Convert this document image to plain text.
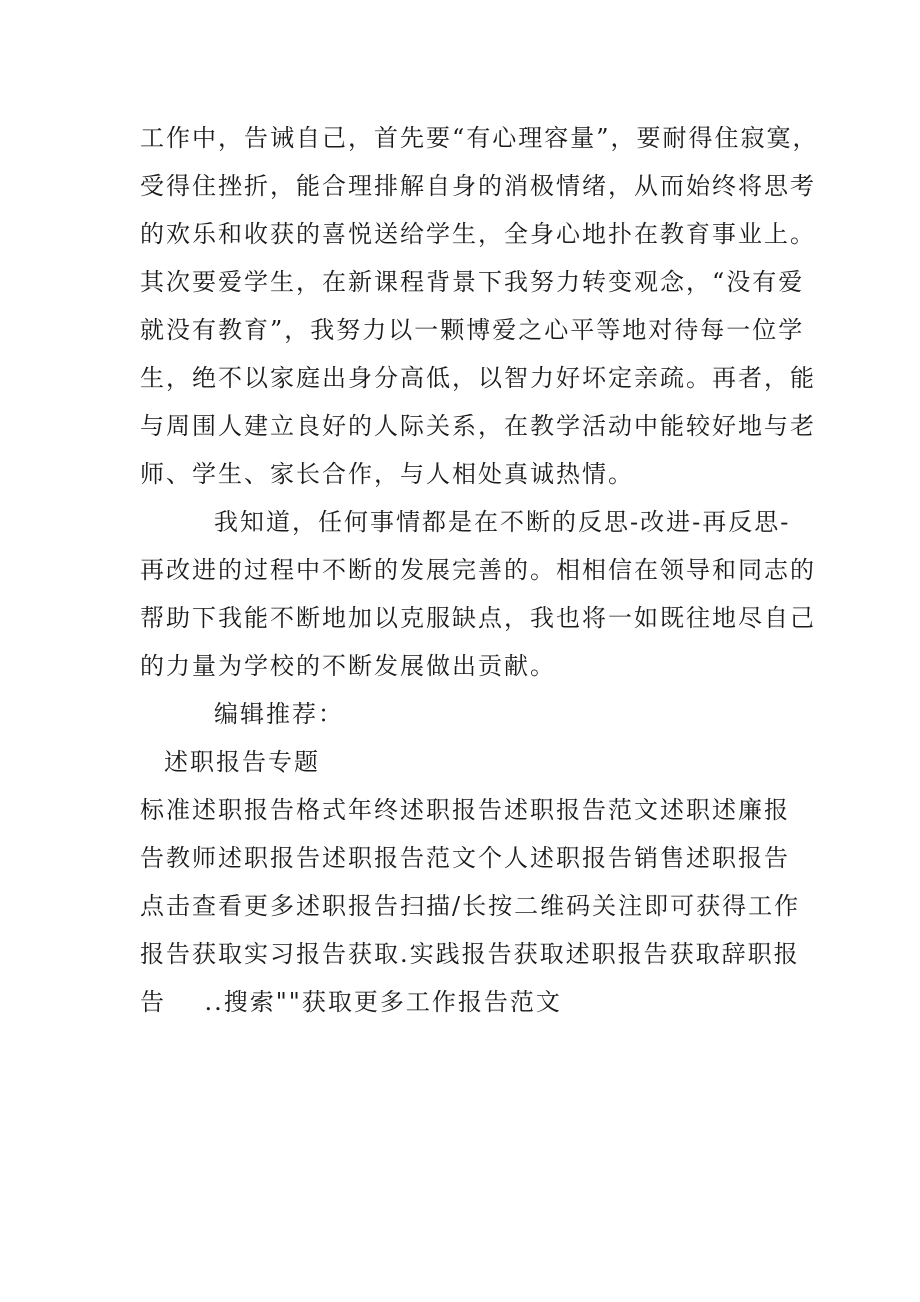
工作中，告诫自己，首先要“有心理容量”，要耐得住寂寞，
受得住挫折，能合理排解自身的消极情绪，从而始终将思考
的欢乐和收获的喜悦送给学生，全身心地扑在教育事业上。
其次要爱学生，在新课程背景下我努力转变观念，“没有爱
就没有教育”，我努力以一颗博爱之心平等地对待每一位学
生，绝不以家庭出身分高低，以智力好坏定亲疏。再者，能
与周围人建立良好的人际关系，在教学活动中能较好地与老
师、学生、家长合作，与人相处真诚热情。
我知道，任何事情都是在不断的反思-改进-再反思-
再改进的过程中不断的发展完善的。相相信在领导和同志的
帮助下我能不断地加以克服缺点，我也将一如既往地尽自己
的力量为学校的不断发展做出贡献。
编辑推荐：
述职报告专题
标准述职报告格式年终述职报告述职报告范文述职述廉报
告教师述职报告述职报告范文个人述职报告销售述职报告
点击查看更多述职报告扫描/长按二维码关注即可获得工作
报告获取实习报告获取.实践报告获取述职报告获取辞职报
告    ..搜索""获取更多工作报告范文
